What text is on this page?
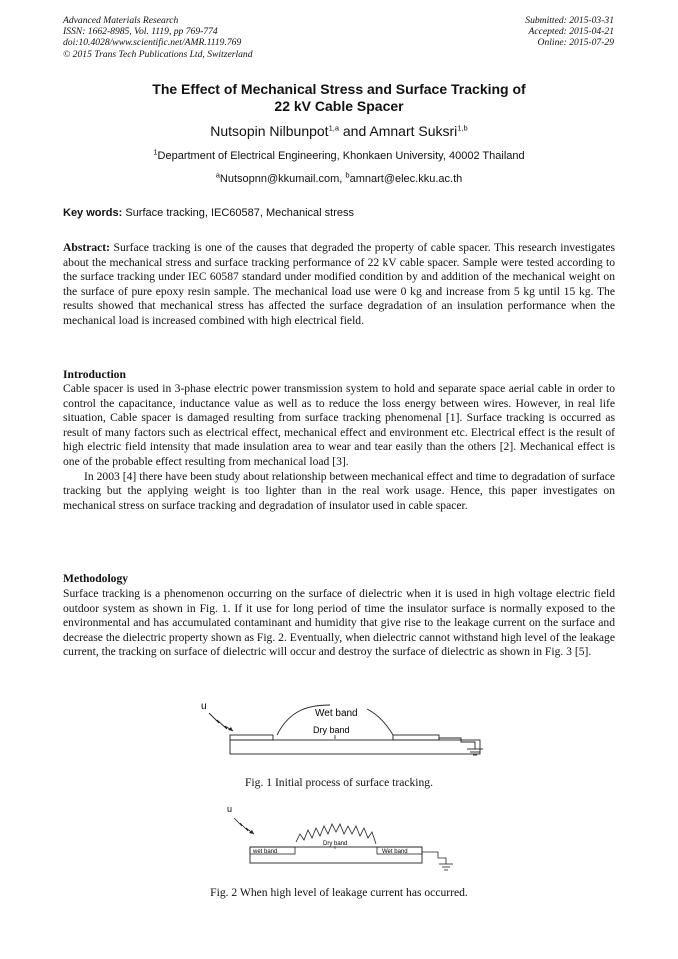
Advanced Materials Research
ISSN: 1662-8985, Vol. 1119, pp 769-774
doi:10.4028/www.scientific.net/AMR.1119.769
© 2015 Trans Tech Publications Ltd, Switzerland
Submitted: 2015-03-31
Accepted: 2015-04-21
Online: 2015-07-29
The Effect of Mechanical Stress and Surface Tracking of
22 kV Cable Spacer
Nutsopin Nilbunpot$^{1,a}$ and Amnart Suksri$^{1,b}$
$^1$Department of Electrical Engineering, Khonkaen University, 40002 Thailand
$^a$Nutsopnn@kkumail.com, $^b$amnart@elec.kku.ac.th
Key words: Surface tracking, IEC60587, Mechanical stress
Abstract: Surface tracking is one of the causes that degraded the property of cable spacer. This research investigates about the mechanical stress and surface tracking performance of 22 kV cable spacer. Sample were tested according to the surface tracking under IEC 60587 standard under modified condition by and addition of the mechanical weight on the surface of pure epoxy resin sample. The mechanical load use were 0 kg and increase from 5 kg until 15 kg. The results showed that mechanical stress has affected the surface degradation of an insulation performance when the mechanical load is increased combined with high electrical field.
Introduction

Cable spacer is used in 3-phase electric power transmission system to hold and separate space aerial cable in order to control the capacitance, inductance value as well as to reduce the loss energy between wires. However, in real life situation, Cable spacer is damaged resulting from surface tracking phenomenal [1]. Surface tracking is occurred as result of many factors such as electrical effect, mechanical effect and environment etc. Electrical effect is the result of high electric field intensity that made insulation area to wear and tear easily than the others [2]. Mechanical effect is one of the probable effect resulting from mechanical load [3].

In 2003 [4] there have been study about relationship between mechanical effect and time to degradation of surface tracking but the applying weight is too lighter than in the real work usage. Hence, this paper investigates on mechanical stress on surface tracking and degradation of insulator used in cable spacer.

Methodology

Surface tracking is a phenomenon occurring on the surface of dielectric when it is used in high voltage electric field outdoor system as shown in Fig. 1. If it use for long period of time the insulator surface is normally exposed to the environmental and has accumulated contaminant and humidity that give rise to the leakage current on the surface and decrease the dielectric property shown as Fig. 2. Eventually, when dielectric cannot withstand high level of the leakage current, the tracking on surface of dielectric will occur and destroy the surface of dielectric as shown in Fig. 3 [5].

u
Wet band
Dry band
Fig. 1 Initial process of surface tracking.
u
wet band	Wet band
Dry band
Fig. 2 When high level of leakage current has occurred.
